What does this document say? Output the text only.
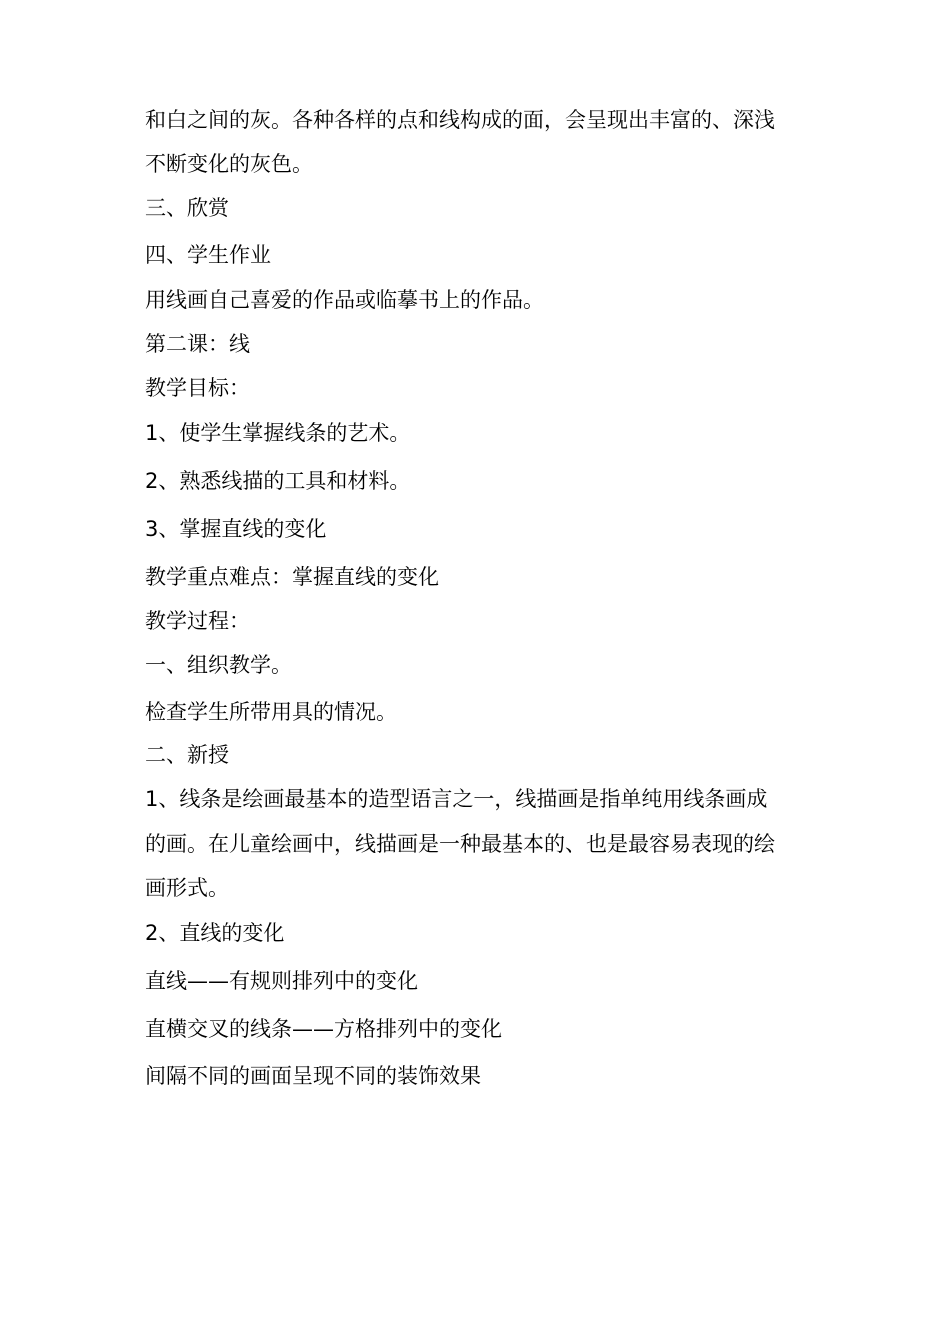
和白之间的灰。各种各样的点和线构成的面，会呈现出丰富的、深浅
不断变化的灰色。
三、欣赏
四、学生作业
用线画自己喜爱的作品或临摹书上的作品。
第二课：线
教学目标：
1、使学生掌握线条的艺术。
2、熟悉线描的工具和材料。
3、掌握直线的变化
教学重点难点：掌握直线的变化
教学过程：
一、组织教学。
检查学生所带用具的情况。
二、新授
1、线条是绘画最基本的造型语言之一，线描画是指单纯用线条画成
的画。在儿童绘画中，线描画是一种最基本的、也是最容易表现的绘
画形式。
2、直线的变化
直线——有规则排列中的变化
直横交叉的线条——方格排列中的变化
间隔不同的画面呈现不同的装饰效果
